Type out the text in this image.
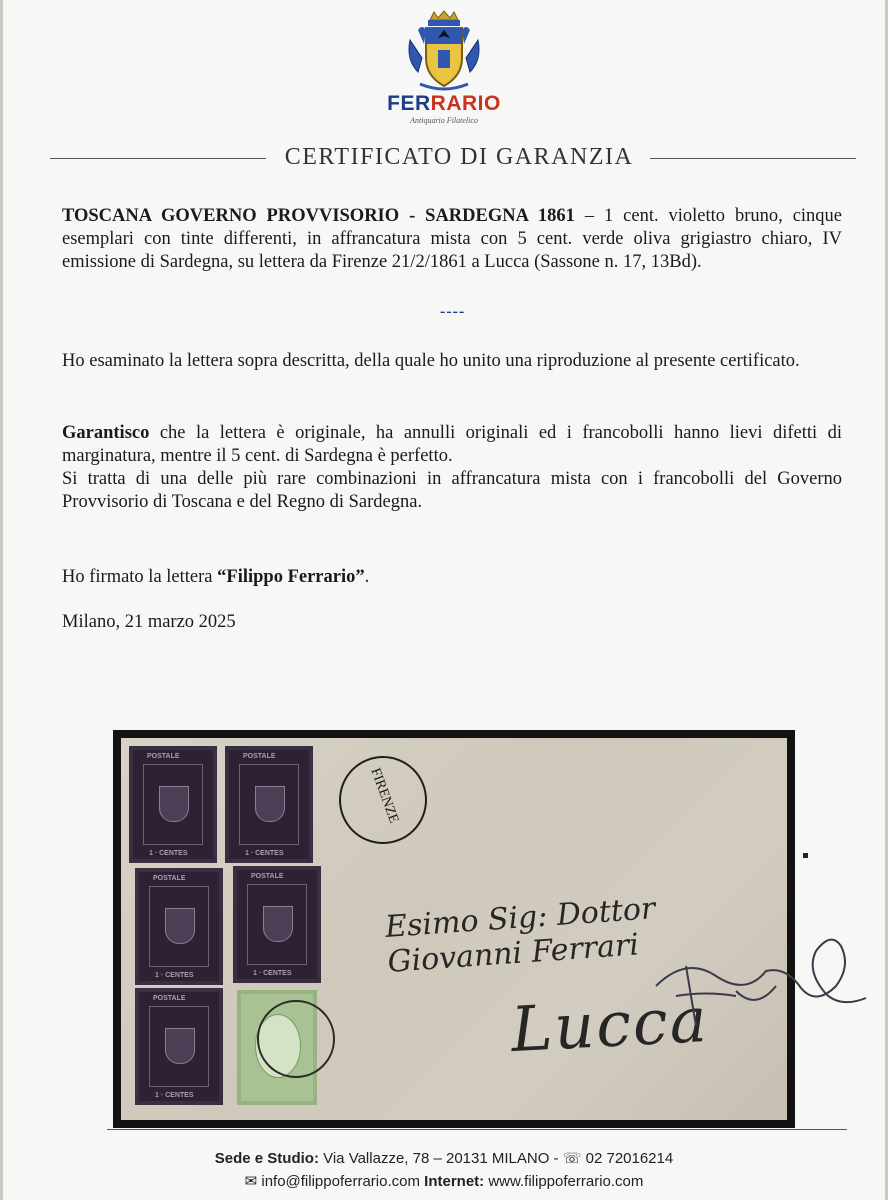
FERRARIO
Antiquario Filatelico
CERTIFICATO DI GARANZIA
TOSCANA GOVERNO PROVVISORIO - SARDEGNA 1861 – 1 cent. violetto bruno, cinque esemplari con tinte differenti, in affrancatura mista con 5 cent. verde oliva grigiastro chiaro, IV emissione di Sardegna, su lettera da Firenze 21/2/1861 a Lucca (Sassone n. 17, 13Bd).
----
Ho esaminato la lettera sopra descritta, della quale ho unito una riproduzione al presente certificato.
Garantisco che la lettera è originale, ha annulli originali ed i francobolli hanno lievi difetti di marginatura, mentre il 5 cent. di Sardegna è perfetto.
Si tratta di una delle più rare combinazioni in affrancatura mista con i francobolli del Governo Provvisorio di Toscana e del Regno di Sardegna.
Ho firmato la lettera “Filippo Ferrario”.
Milano, 21 marzo 2025
POSTALE
1 · CENTES
POSTALE
1 · CENTES
POSTALE
1 · CENTES
POSTALE
1 · CENTES
POSTALE
1 · CENTES
FIRENZE
Esimo Sig: Dottor Giovanni Ferrari
Lucca
Sede e Studio: Via Vallazze, 78 – 20131 MILANO - ☏ 02 72016214
✉ info@filippoferrario.com Internet: www.filippoferrario.com
